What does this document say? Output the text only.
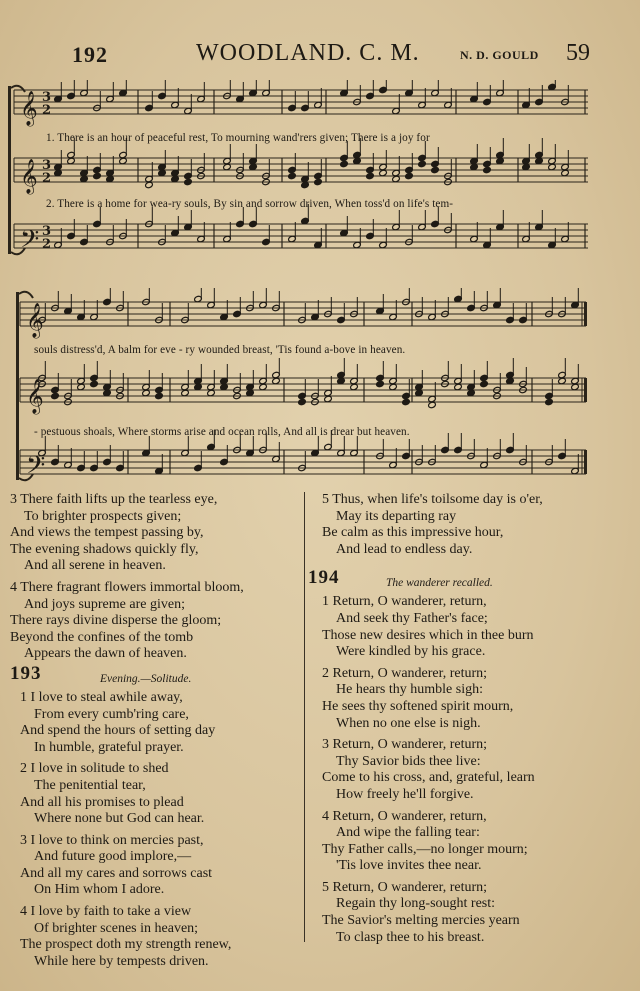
192	WOODLAND. C. M.	N. D. GOULD 59
𝄞 3
2
𝄞 3
2
𝄢 3
2
1. There is an hour of peaceful rest, To mourning wand'rers given; There is a joy for
2. There is a home for wea-ry souls, By sin and sorrow driven, When toss'd on life's tem-
𝄞
𝄞
𝄢
souls distress'd, A balm for eve - ry wounded breast, 'Tis found a-bove in heaven.
- pestuous shoals, Where storms arise and ocean rolls, And all is drear but heaven.
3 There faith lifts up the tearless eye,
To brighter prospects given;
And views the tempest passing by,
The evening shadows quickly fly,
And all serene in heaven.
4 There fragrant flowers immortal bloom,
And joys supreme are given;
There rays divine disperse the gloom;
Beyond the confines of the tomb
Appears the dawn of heaven.
193	Evening.—Solitude.
1 I love to steal awhile away,
From every cumb'ring care,
And spend the hours of setting day
In humble, grateful prayer.
2 I love in solitude to shed
The penitential tear,
And all his promises to plead
Where none but God can hear.
3 I love to think on mercies past,
And future good implore,—
And all my cares and sorrows cast
On Him whom I adore.
4 I love by faith to take a view
Of brighter scenes in heaven;
The prospect doth my strength renew,
While here by tempests driven.
5 Thus, when life's toilsome day is o'er,
May its departing ray
Be calm as this impressive hour,
And lead to endless day.
194	The wanderer recalled.
1 Return, O wanderer, return,
And seek thy Father's face;
Those new desires which in thee burn
Were kindled by his grace.
2 Return, O wanderer, return;
He hears thy humble sigh:
He sees thy softened spirit mourn,
When no one else is nigh.
3 Return, O wanderer, return;
Thy Savior bids thee live:
Come to his cross, and, grateful, learn
How freely he'll forgive.
4 Return, O wanderer, return,
And wipe the falling tear:
Thy Father calls,—no longer mourn;
'Tis love invites thee near.
5 Return, O wanderer, return;
Regain thy long-sought rest:
The Savior's melting mercies yearn
To clasp thee to his breast.
